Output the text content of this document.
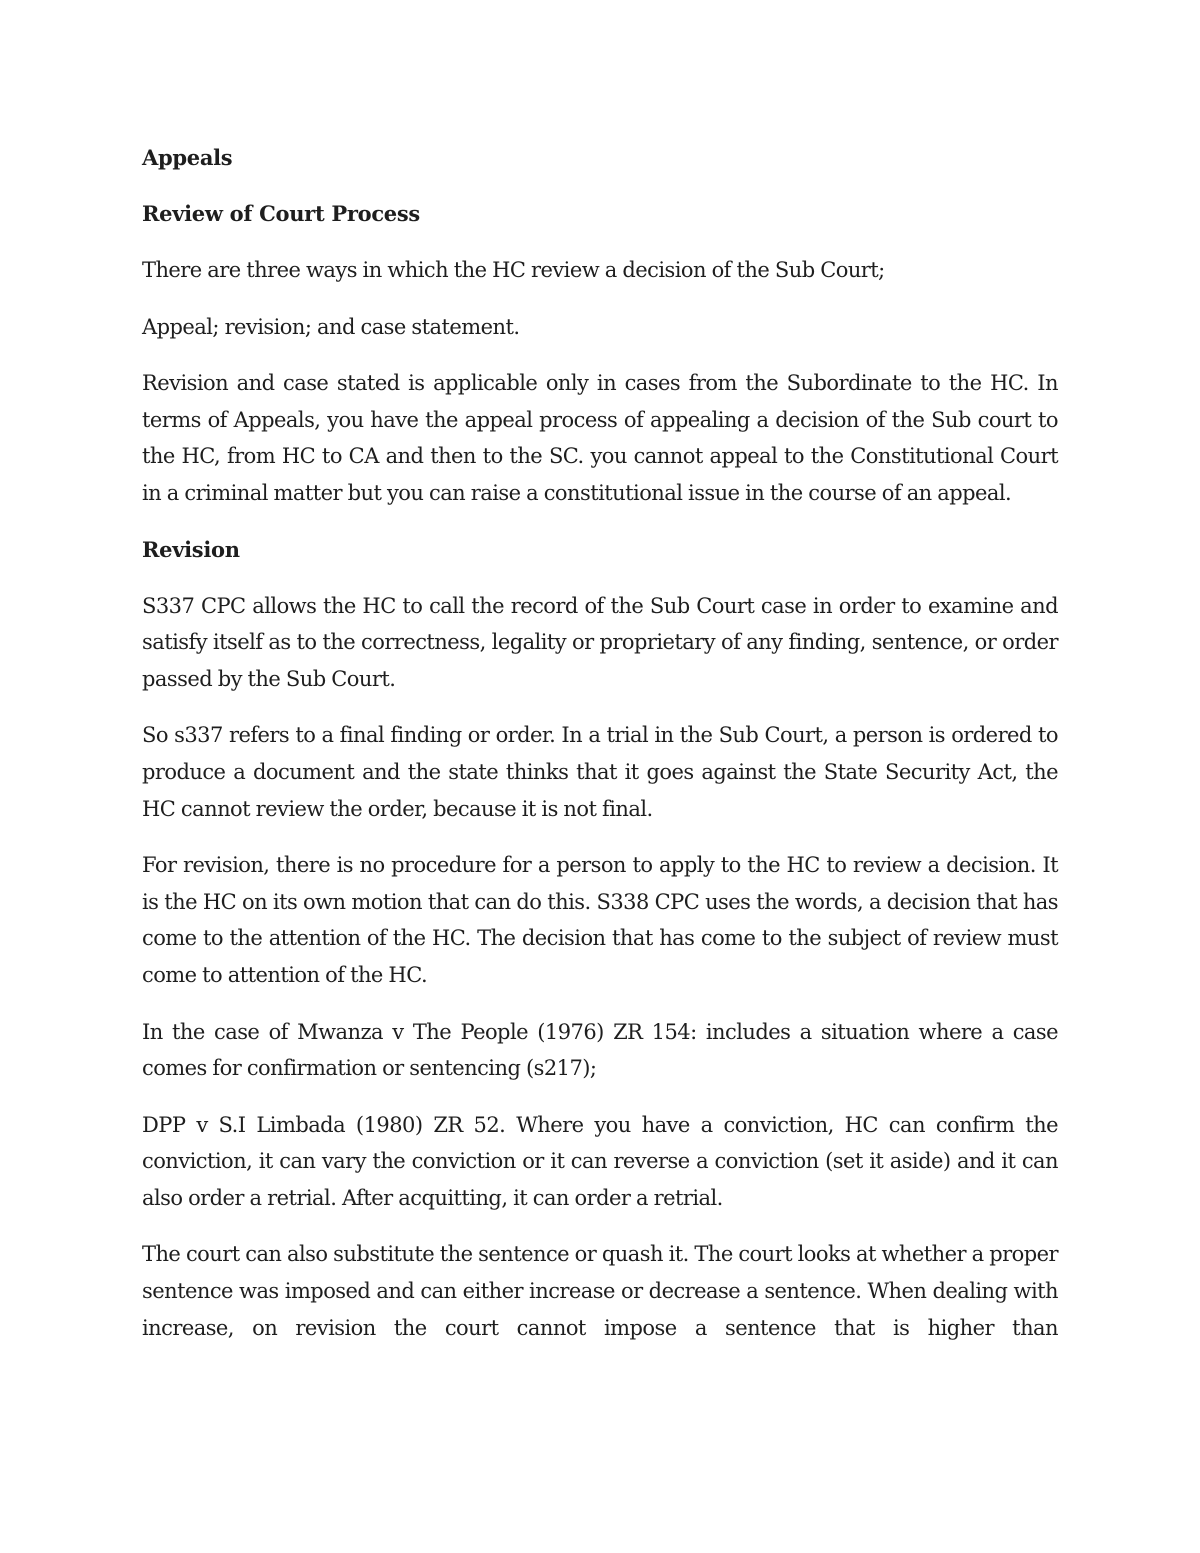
Appeals
Review of Court Process
There are three ways in which the HC review a decision of the Sub Court;
Appeal; revision; and case statement.
Revision and case stated is applicable only in cases from the Subordinate to the HC. In terms of Appeals, you have the appeal process of appealing a decision of the Sub court to the HC, from HC to CA and then to the SC. you cannot appeal to the Constitutional Court in a criminal matter but you can raise a constitutional issue in the course of an appeal.
Revision
S337 CPC allows the HC to call the record of the Sub Court case in order to examine and satisfy itself as to the correctness, legality or proprietary of any finding, sentence, or order passed by the Sub Court.
So s337 refers to a final finding or order. In a trial in the Sub Court, a person is ordered to produce a document and the state thinks that it goes against the State Security Act, the HC cannot review the order, because it is not final.
For revision, there is no procedure for a person to apply to the HC to review a decision. It is the HC on its own motion that can do this. S338 CPC uses the words, a decision that has come to the attention of the HC. The decision that has come to the subject of review must come to attention of the HC.
In the case of Mwanza v The People (1976) ZR 154: includes a situation where a case comes for confirmation or sentencing (s217);
DPP v S.I Limbada (1980) ZR 52. Where you have a conviction, HC can confirm the conviction, it can vary the conviction or it can reverse a conviction (set it aside) and it can also order a retrial. After acquitting, it can order a retrial.
The court can also substitute the sentence or quash it. The court looks at whether a proper sentence was imposed and can either increase or decrease a sentence. When dealing with increase, on revision the court cannot impose a sentence that is higher than
